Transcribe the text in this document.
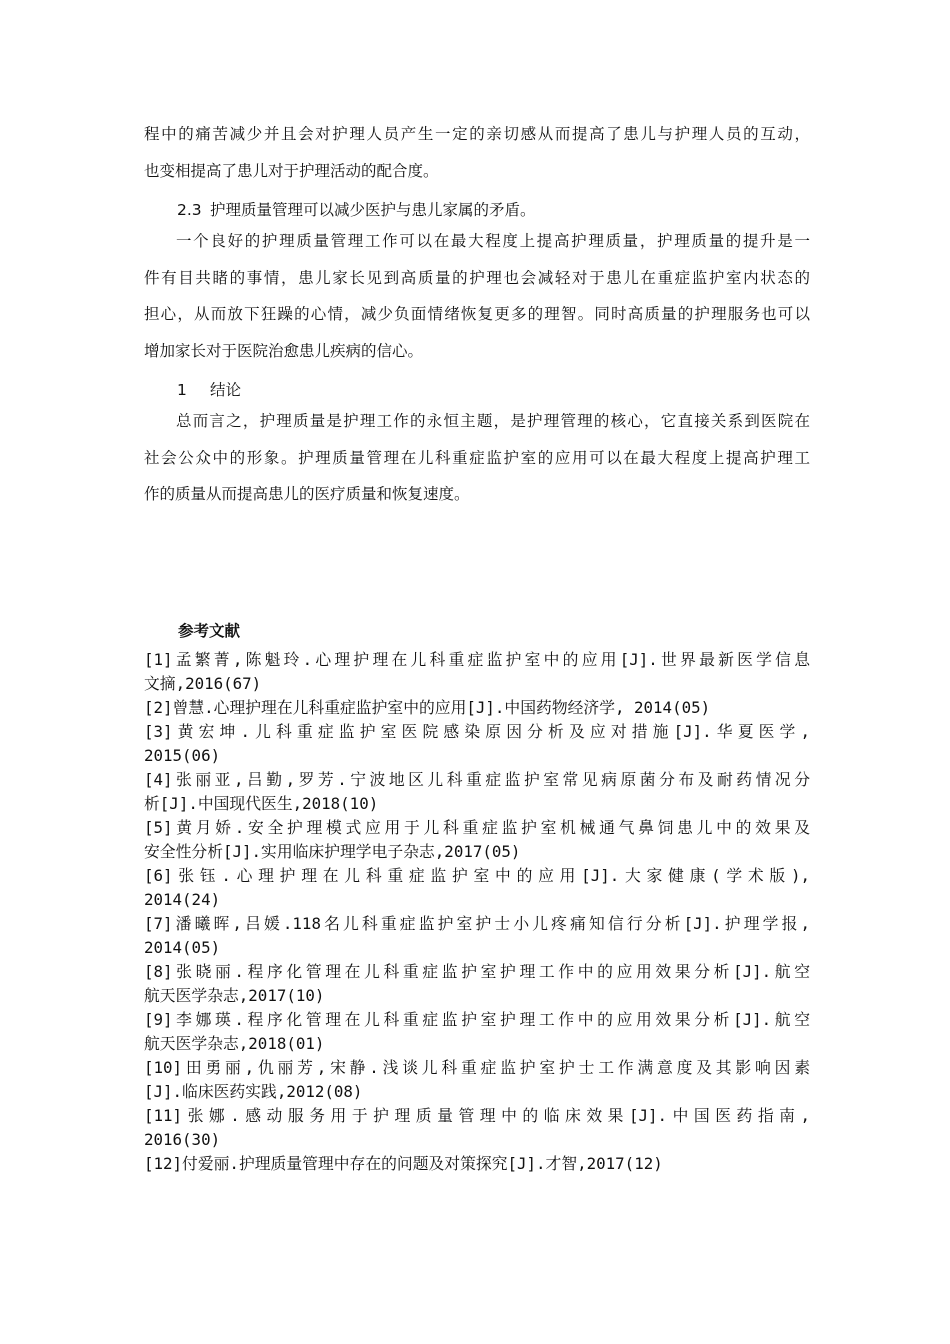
程中的痛苦减少并且会对护理人员产生一定的亲切感从而提高了患儿与护理人员的互动，
也变相提高了患儿对于护理活动的配合度。
2.3 护理质量管理可以减少医护与患儿家属的矛盾。
一个良好的护理质量管理工作可以在最大程度上提高护理质量，护理质量的提升是一
件有目共睹的事情，患儿家长见到高质量的护理也会减轻对于患儿在重症监护室内状态的
担心，从而放下狂躁的心情，减少负面情绪恢复更多的理智。同时高质量的护理服务也可以
增加家长对于医院治愈患儿疾病的信心。
1 结论
总而言之，护理质量是护理工作的永恒主题，是护理管理的核心，它直接关系到医院在
社会公众中的形象。护理质量管理在儿科重症监护室的应用可以在最大程度上提高护理工
作的质量从而提高患儿的医疗质量和恢复速度。
参考文献
[1]孟繁菁,陈魁玲.心理护理在儿科重症监护室中的应用[J].世界最新医学信息
文摘,2016(67)
[2]曾慧.心理护理在儿科重症监护室中的应用[J].中国药物经济学, 2014(05)
[3]黄宏坤.儿科重症监护室医院感染原因分析及应对措施[J].华夏医学,
2015(06)
[4]张丽亚,吕勤,罗芳.宁波地区儿科重症监护室常见病原菌分布及耐药情况分
析[J].中国现代医生,2018(10)
[5]黄月娇.安全护理模式应用于儿科重症监护室机械通气鼻饲患儿中的效果及
安全性分析[J].实用临床护理学电子杂志,2017(05)
[6]张钰.心理护理在儿科重症监护室中的应用[J].大家健康(学术版),
2014(24)
[7]潘曦晖,吕媛.118名儿科重症监护室护士小儿疼痛知信行分析[J].护理学报,
2014(05)
[8]张晓丽.程序化管理在儿科重症监护室护理工作中的应用效果分析[J].航空
航天医学杂志,2017(10)
[9]李娜瑛.程序化管理在儿科重症监护室护理工作中的应用效果分析[J].航空
航天医学杂志,2018(01)
[10]田勇丽,仇丽芳,宋静.浅谈儿科重症监护室护士工作满意度及其影响因素
[J].临床医药实践,2012(08)
[11]张娜.感动服务用于护理质量管理中的临床效果[J].中国医药指南,
2016(30)
[12]付爱丽.护理质量管理中存在的问题及对策探究[J].才智,2017(12)
